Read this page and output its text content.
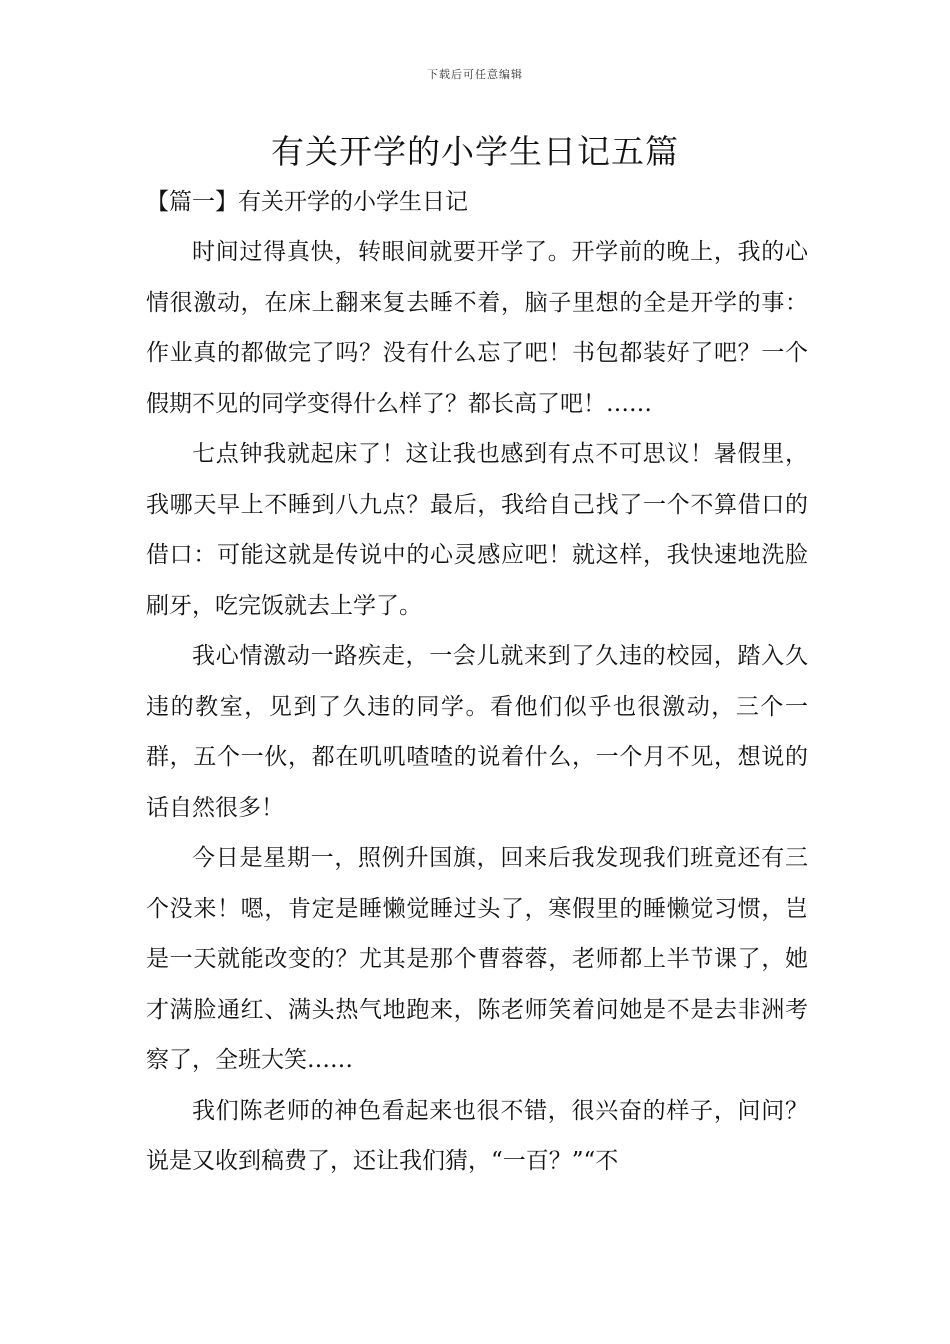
下载后可任意编辑
有关开学的小学生日记五篇
【篇一】有关开学的小学生日记

时间过得真快，转眼间就要开学了。开学前的晚上，我的心情很激动，在床上翻来复去睡不着，脑子里想的全是开学的事：作业真的都做完了吗？没有什么忘了吧！书包都装好了吧？一个假期不见的同学变得什么样了？都长高了吧！……

七点钟我就起床了！这让我也感到有点不可思议！暑假里，我哪天早上不睡到八九点？最后，我给自己找了一个不算借口的借口：可能这就是传说中的心灵感应吧！就这样，我快速地洗脸刷牙，吃完饭就去上学了。

我心情激动一路疾走，一会儿就来到了久违的校园，踏入久违的教室，见到了久违的同学。看他们似乎也很激动，三个一群，五个一伙，都在叽叽喳喳的说着什么，一个月不见，想说的话自然很多！

今日是星期一，照例升国旗，回来后我发现我们班竟还有三个没来！嗯，肯定是睡懒觉睡过头了，寒假里的睡懒觉习惯，岂是一天就能改变的？尤其是那个曹蓉蓉，老师都上半节课了，她才满脸通红、满头热气地跑来，陈老师笑着问她是不是去非洲考察了，全班大笑……

我们陈老师的神色看起来也很不错，很兴奋的样子，问问？说是又收到稿费了，还让我们猜，“一百？”“不
